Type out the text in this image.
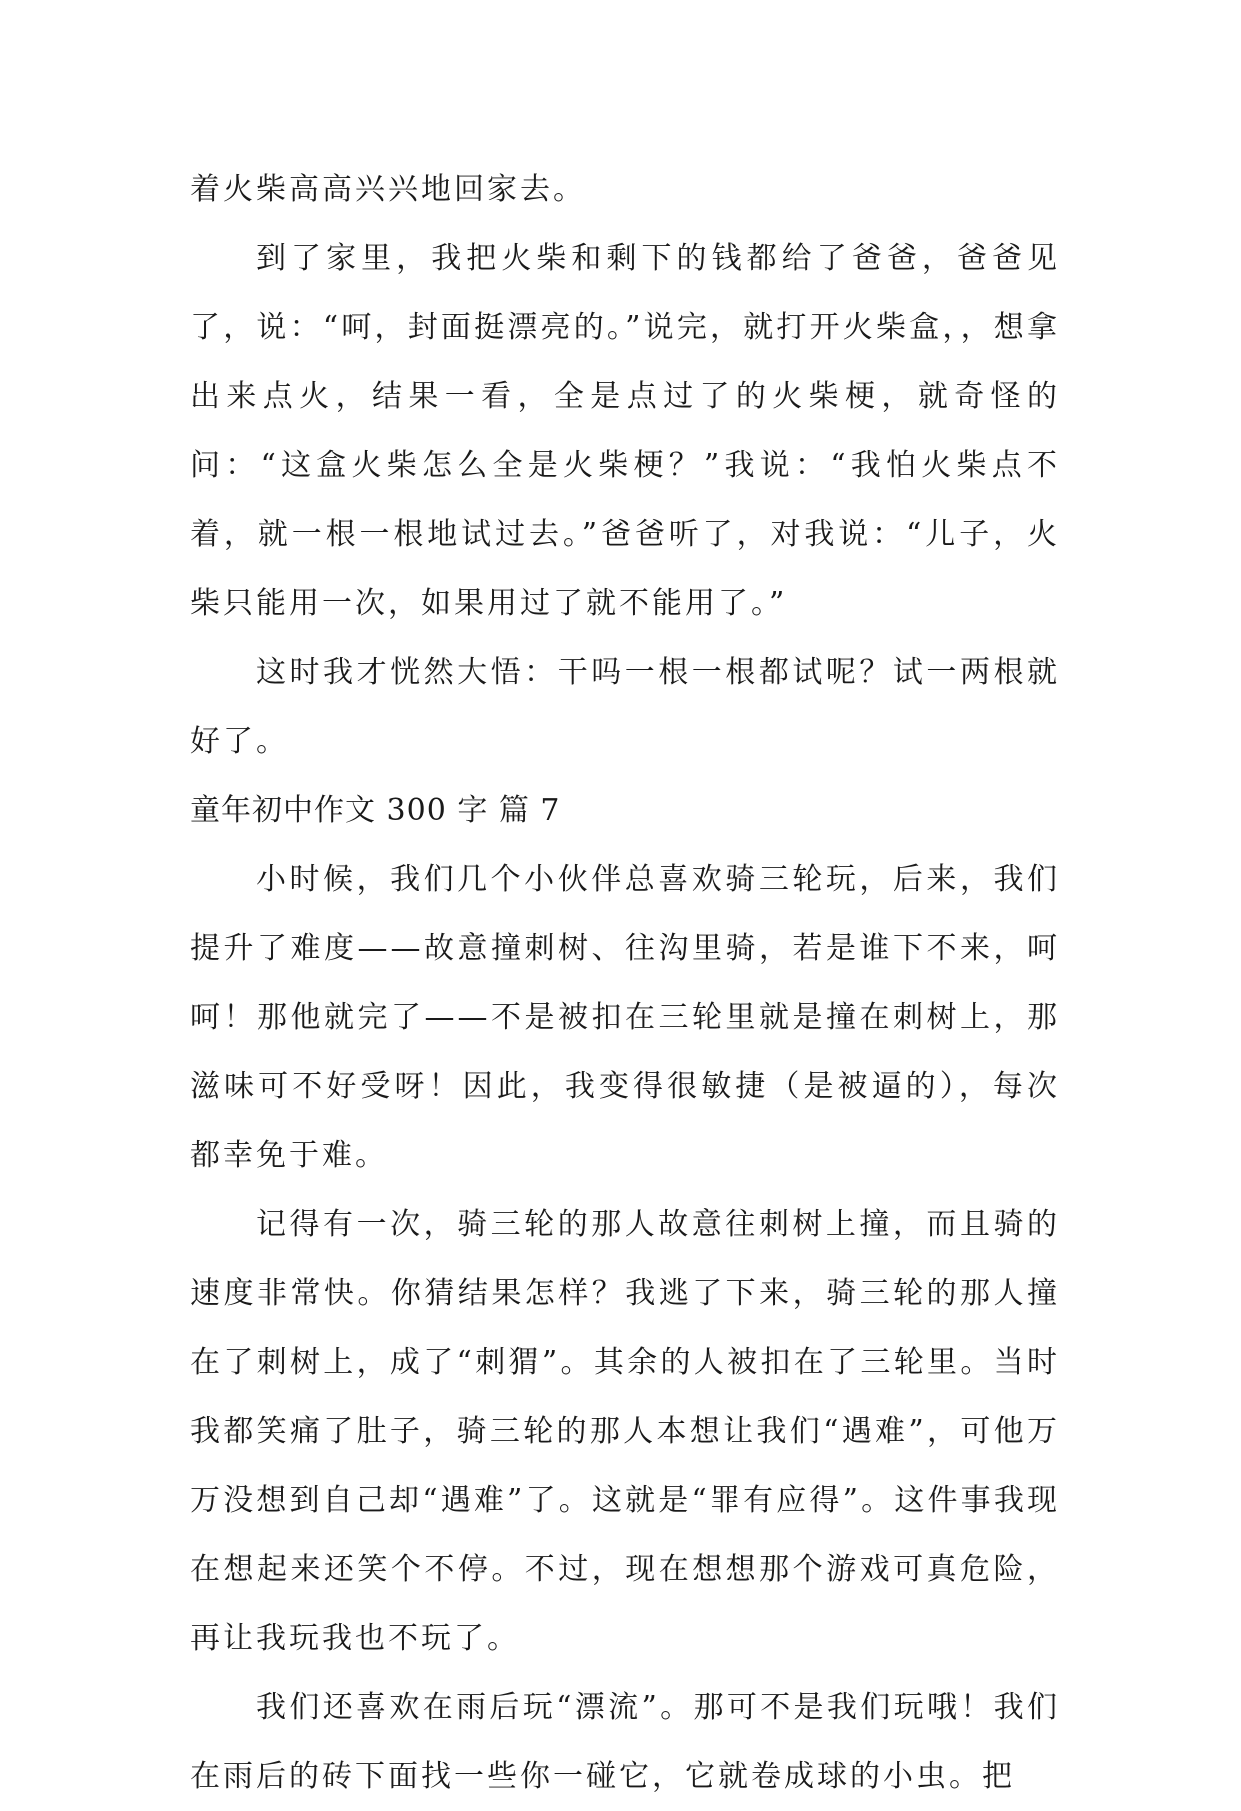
着火柴高高兴兴地回家去。

到了家里，我把火柴和剩下的钱都给了爸爸，爸爸见了，说：“呵，封面挺漂亮的。”说完，就打开火柴盒，，想拿出来点火，结果一看，全是点过了的火柴梗，就奇怪的问：“这盒火柴怎么全是火柴梗？”我说：“我怕火柴点不着，就一根一根地试过去。”爸爸听了，对我说：“儿子，火柴只能用一次，如果用过了就不能用了。”

这时我才恍然大悟：干吗一根一根都试呢？试一两根就好了。

童年初中作文 300 字 篇 7

小时候，我们几个小伙伴总喜欢骑三轮玩，后来，我们提升了难度——故意撞刺树、往沟里骑，若是谁下不来，呵呵！那他就完了——不是被扣在三轮里就是撞在刺树上，那滋味可不好受呀！因此，我变得很敏捷（是被逼的），每次都幸免于难。

记得有一次，骑三轮的那人故意往刺树上撞，而且骑的速度非常快。你猜结果怎样？我逃了下来，骑三轮的那人撞在了刺树上，成了“刺猬”。其余的人被扣在了三轮里。当时我都笑痛了肚子，骑三轮的那人本想让我们“遇难”，可他万万没想到自己却“遇难”了。这就是“罪有应得”。这件事我现在想起来还笑个不停。不过，现在想想那个游戏可真危险，再让我玩我也不玩了。

我们还喜欢在雨后玩“漂流”。那可不是我们玩哦！我们在雨后的砖下面找一些你一碰它，它就卷成球的小虫。把
